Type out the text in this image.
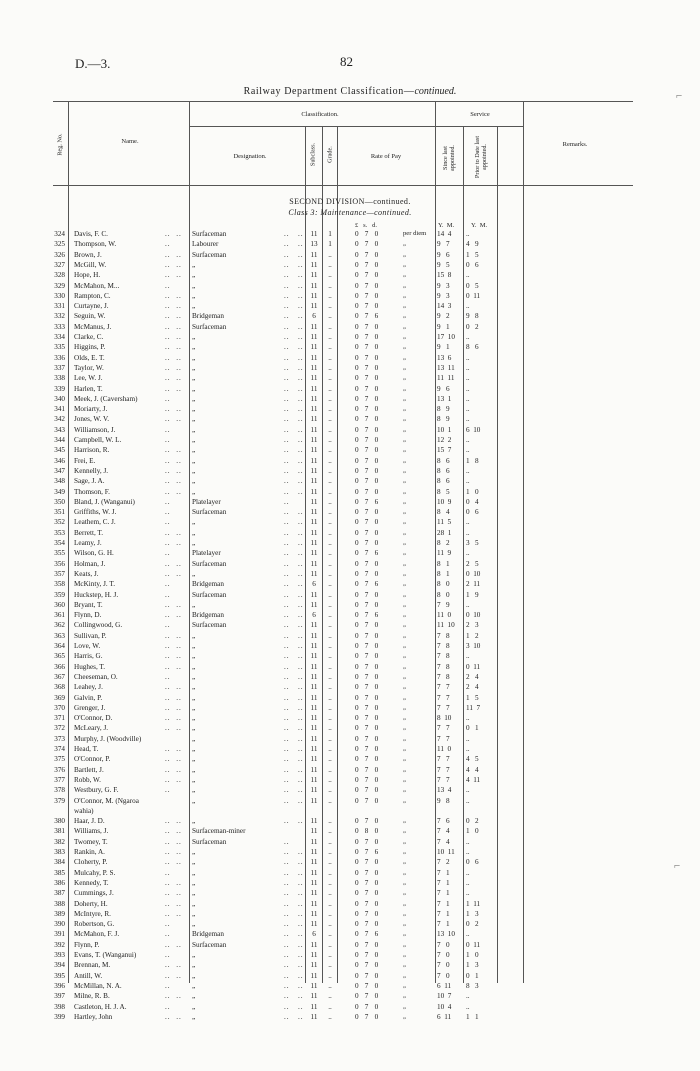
D.—3.	82
Railway Department Classification—continued.
Reg. No.	Name.
Classification.
Designation.	Subclass. Grade.	Rate of Pay
Service
Since last appointed.	Prior to Date last appointed.	Remarks.
SECOND DIVISION—continued.
Class 3: Maintenance—continued.
£   s.   d.	Y.  M.	Y.  M.
324 Davis, F. C.	..  .. Surfaceman	..   .. 11	1	0   7   0	per diem 14  4	..
325 Thompson, W.	..	Labourer	..   .. 13	1	0   7   0	„	9   7	4   9
326 Brown, J.	..  .. Surfaceman	..   .. 11	..	0   7   0	„	9   6	1   5
327 McGill, W.	..  .. „	..   .. 11	..	0   7   0	„	9   5	0   6
328 Hope, H.	..  .. „	..   .. 11	..	0   7   0	„	15  8	..
329 McMahon, M...	..	„	..   .. 11	..	0   7   0	„	9   3	0   5
330 Rampton, C.	..  .. „	..   .. 11	..	0   7   0	„	9   3	0  11
331 Curtayne, J.	..  .. „	..   .. 11	..	0   7   0	„	14  3	..
332 Seguin, W.	..  .. Bridgeman	..   ..	6	..	0   7   6	„	9   2	9   8
333 McManus, J.	..  .. Surfaceman	..   .. 11	..	0   7   0	„	9   1	0   2
334 Clarke, C.	..  .. „	..   .. 11	..	0   7   0	„	17  10	..
335 Higgins, P.	..  .. „	..   .. 11	..	0   7   0	„	9   1	8   6
336 Olds, E. T.	..  .. „	..   .. 11	..	0   7   0	„	13  6	..
337 Taylor, W.	..  .. „	..   .. 11	..	0   7   0	„	13  11	..
338 Lee, W. J.	..  .. „	..   .. 11	..	0   7   0	„	11  11	..
339 Harlen, T.	..  .. „	..   .. 11	..	0   7   0	„	9   6	..
340 Meek, J. (Caversham)	..	„	..   .. 11	..	0   7   0	„	13  1	..
341 Moriarty, J.	..  .. „	..   .. 11	..	0   7   0	„	8   9	..
342 Jones, W. V.	..  .. „	..   .. 11	..	0   7   0	„	8   9	..
343 Williamson, J.	..	„	..   .. 11	..	0   7   0	„	10  1	6  10
344 Campbell, W. L.	..	„	..   .. 11	..	0   7   0	„	12  2	..
345 Harrison, R.	..  .. „	..   .. 11	..	0   7   0	„	15  7	..
346 Frei, E.	..  .. „	..   .. 11	..	0   7   0	„	8   6	1   8
347 Kennelly, J.	..  .. „	..   .. 11	..	0   7   0	„	8   6	..
348 Sage, J. A.	..  .. „	..   .. 11	..	0   7   0	„	8   6	..
349 Thomson, F.	..  .. „	..   .. 11	..	0   7   0	„	8   5	1   0
350 Bland, J. (Wanganui)	..	Platelayer	..	11	..	0   7   6	„	10  9	0   4
351 Griffiths, W. J.	..	Surfaceman	..   .. 11	..	0   7   0	„	8   4	0   6
352 Leathem, C. J.	..	„	..   .. 11	..	0   7   0	„	11  5	..
353 Berrett, T.	..  .. „	..   .. 11	..	0   7   0	„	28  1	..
354 Leamy, J.	..  .. „	..   .. 11	..	0   7   0	„	8   2	3   5
355 Wilson, G. H.	..	Platelayer	..   .. 11	..	0   7   6	„	11  9	..
356 Holman, J.	..  .. Surfaceman	..   .. 11	..	0   7   0	„	8   1	2   5
357 Keats, J.	..  .. „	..   .. 11	..	0   7   0	„	8   1	0  10
358 McKinty, J. T.	..	Bridgeman	..   ..	6	..	0   7   6	„	8   0	2  11
359 Huckstep, H. J.	..	Surfaceman	..   .. 11	..	0   7   0	„	8   0	1   9
360 Bryant, T.	..  .. „	..   .. 11	..	0   7   0	„	7   9	..
361 Flynn, D.	..  .. Bridgeman	..   ..	6	..	0   7   6	„	11  0	0  10
362 Collingwood, G.	..	Surfaceman	..   .. 11	..	0   7   0	„	11  10	2   3
363 Sullivan, P.	..  .. „	..   .. 11	..	0   7   0	„	7   8	1   2
364 Love, W.	..  .. „	..   .. 11	..	0   7   0	„	7   8	3  10
365 Harris, G.	..  .. „	..   .. 11	..	0   7   0	„	7   8	..
366 Hughes, T.	..  .. „	..   .. 11	..	0   7   0	„	7   8	0  11
367 Cheeseman, O.	..	„	..   .. 11	..	0   7   0	„	7   8	2   4
368 Leahey, J.	..  .. „	..   .. 11	..	0   7   0	„	7   7	2   4
369 Galvin, P.	..  .. „	..   .. 11	..	0   7   0	„	7   7	1   5
370 Grenger, J.	..  .. „	..   .. 11	..	0   7   0	„	7   7	11  7
371 O'Connor, D.	..  .. „	..   .. 11	..	0   7   0	„	8  10	..
372 McLeary, J.	..  .. „	..   .. 11	..	0   7   0	„	7   7	0   1
373 Murphy, J. (Woodville)	„	..   .. 11	..	0   7   0	„	7   7	..
374 Head, T.	..  .. „	..   .. 11	..	0   7   0	„	11  0	..
375 O'Connor, P.	..  .. „	..   .. 11	..	0   7   0	„	7   7	4   5
376 Bartlett, J.	..  .. „	..   .. 11	..	0   7   0	„	7   7	4   4
377 Robb, W.	..  .. „	..   .. 11	..	0   7   0	„	7   7	4  11
378 Westbury, G. F.	..	„	..   .. 11	..	0   7   0	„	13  4	..
379 O'Connor, M. (Ngaroa	„	..   .. 11	..	0   7   0	„	9   8	..
wahia)
380 Haar, J. D.	..  .. „	..   .. 11	..	0   7   0	„	7   6	0   2
381 Williams, J.	..  .. Surfaceman-miner	11	..	0   8   0	„	7   4	1   0
382 Twomey, T.	..  .. Surfaceman	..	11	..	0   7   0	„	7   4	..
383 Rankin, A.	..  .. „	..   .. 11	..	0   7   6	„	10  11	..
384 Cloherty, P.	..  .. „	..   .. 11	..	0   7   0	„	7   2	0   6
385 Mulcahy, P. S.	..	„	..   .. 11	..	0   7   0	„	7   1	..
386 Kennedy, T.	..  .. „	..   .. 11	..	0   7   0	„	7   1	..
387 Cummings, J.	..  .. „	..   .. 11	..	0   7   0	„	7   1	..
388 Doherty, H.	..  .. „	..   .. 11	..	0   7   0	„	7   1	1  11
389 McIntyre, R.	..  .. „	..   .. 11	..	0   7   0	„	7   1	1   3
390 Robertson, G.	..	„	..   .. 11	..	0   7   0	„	7   1	0   2
391 McMahon, F. J.	..	Bridgeman	..   ..	6	..	0   7   6	„	13  10	..
392 Flynn, P.	..  .. Surfaceman	..   .. 11	..	0   7   0	„	7   0	0  11
393 Evans, T. (Wanganui)	..	„	..   .. 11	..	0   7   0	„	7   0	1   0
394 Brennan, M.	..  .. „	..   .. 11	..	0   7   0	„	7   0	1   3
395 Antill, W.	..  .. „	..   .. 11	..	0   7   0	„	7   0	0   1
396 McMillan, N. A.	..	„	..   .. 11	..	0   7   0	„	6  11	8   3
397 Milne, R. B.	..  .. „	..   .. 11	..	0   7   0	„	10  7	..
398 Castleton, H. J. A.	..	„	..   .. 11	..	0   7   0	„	10  4	..
399 Hartley, John	..  .. „	..   .. 11	..	0   7   0	„	6  11	1   1
⌐
⌐
